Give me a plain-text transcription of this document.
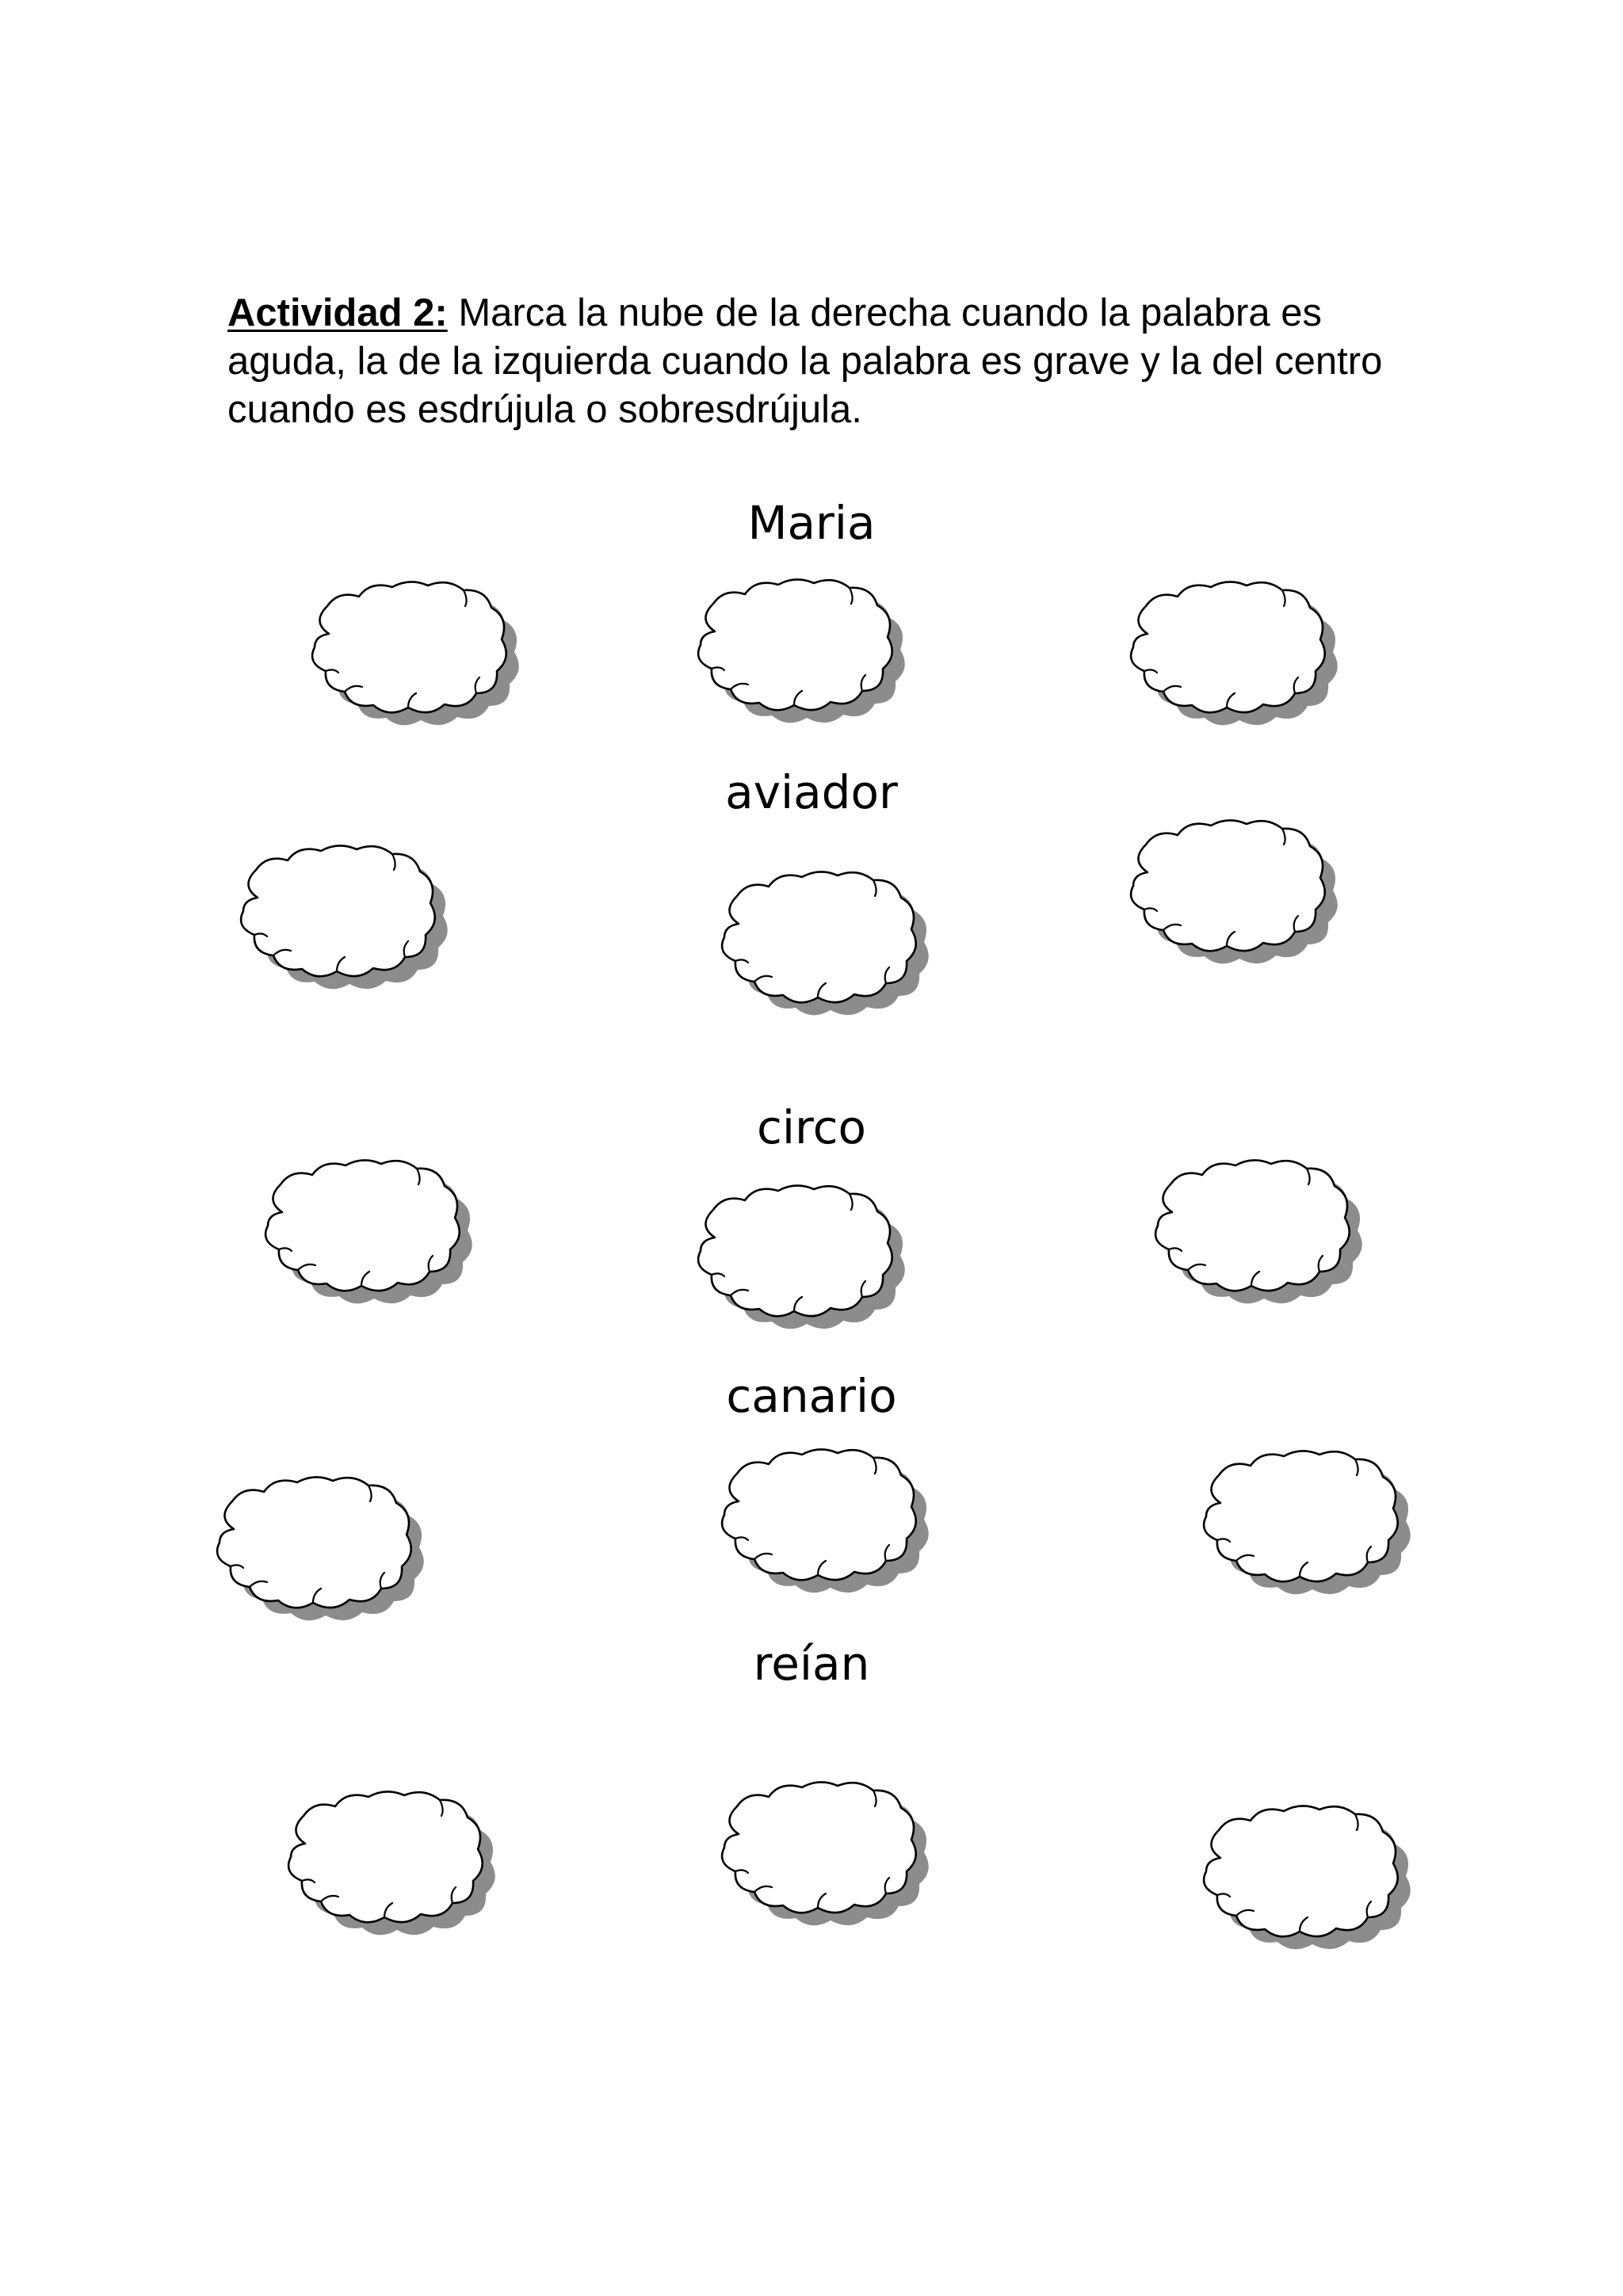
Actividad 2: Marca la nube de la derecha cuando la palabra es aguda, la de la izquierda cuando la palabra es grave y la del centro cuando es esdrújula o sobresdrújula.

Maria
aviador
circo
canario
reían
